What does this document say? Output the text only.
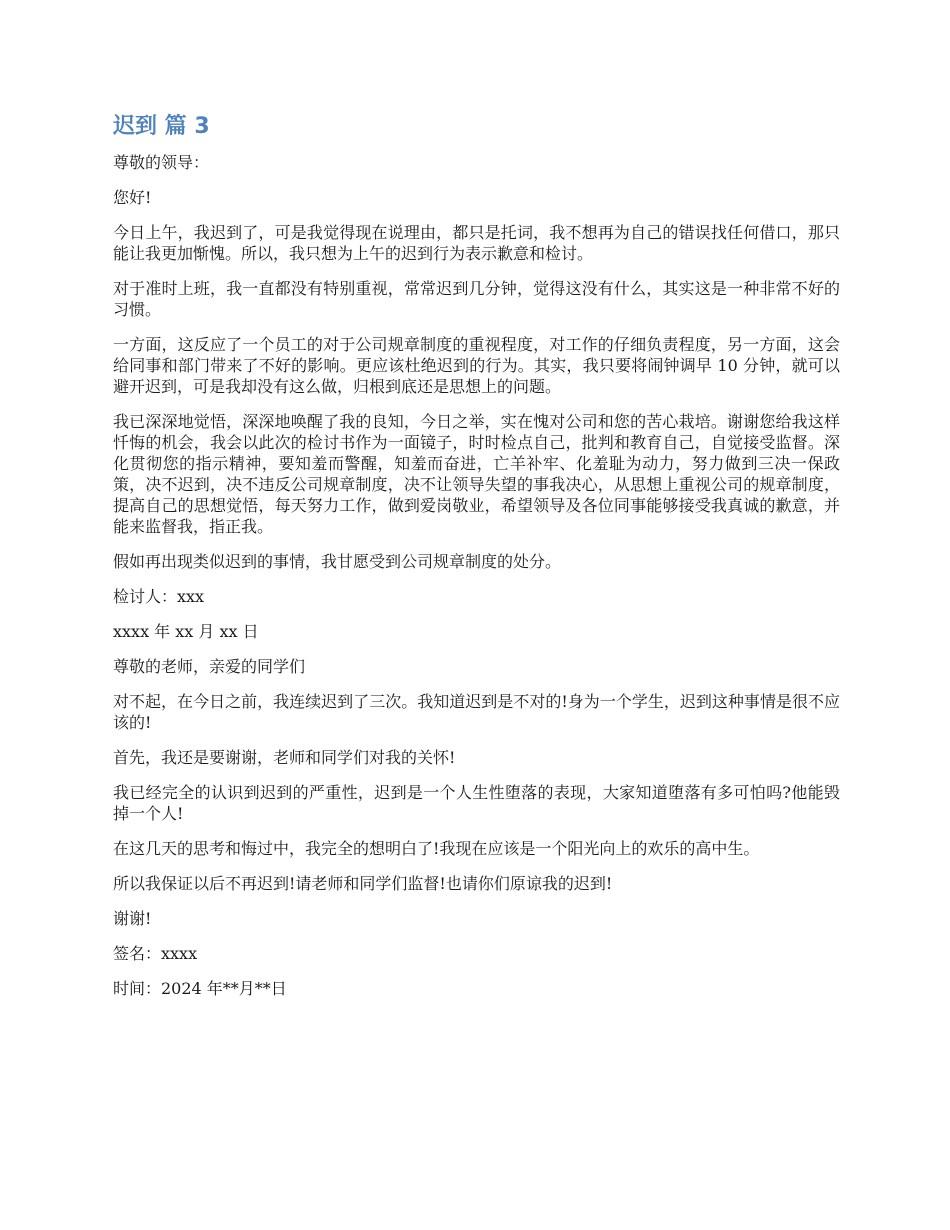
迟到 篇 3

尊敬的领导：

您好!

今日上午，我迟到了，可是我觉得现在说理由，都只是托词，我不想再为自己的错误找任何借口，那只能让我更加惭愧。所以，我只想为上午的迟到行为表示歉意和检讨。

对于准时上班，我一直都没有特别重视，常常迟到几分钟，觉得这没有什么，其实这是一种非常不好的习惯。

一方面，这反应了一个员工的对于公司规章制度的重视程度，对工作的仔细负责程度，另一方面，这会给同事和部门带来了不好的影响。更应该杜绝迟到的行为。其实，我只要将闹钟调早 10 分钟，就可以避开迟到，可是我却没有这么做，归根到底还是思想上的问题。

我已深深地觉悟，深深地唤醒了我的良知，今日之举，实在愧对公司和您的苦心栽培。谢谢您给我这样忏悔的机会，我会以此次的检讨书作为一面镜子，时时检点自己，批判和教育自己，自觉接受监督。深化贯彻您的指示精神，要知羞而警醒，知羞而奋进，亡羊补牢、化羞耻为动力，努力做到三决一保政策，决不迟到，决不违反公司规章制度，决不让领导失望的事我决心，从思想上重视公司的规章制度，提高自己的思想觉悟，每天努力工作，做到爱岗敬业，希望领导及各位同事能够接受我真诚的歉意，并能来监督我，指正我。

假如再出现类似迟到的事情，我甘愿受到公司规章制度的处分。

检讨人：xxx

xxxx 年 xx 月 xx 日

尊敬的老师，亲爱的同学们

对不起，在今日之前，我连续迟到了三次。我知道迟到是不对的!身为一个学生，迟到这种事情是很不应该的!

首先，我还是要谢谢，老师和同学们对我的关怀!

我已经完全的认识到迟到的严重性，迟到是一个人生性堕落的表现，大家知道堕落有多可怕吗?他能毁掉一个人!

在这几天的思考和悔过中，我完全的想明白了!我现在应该是一个阳光向上的欢乐的高中生。

所以我保证以后不再迟到!请老师和同学们监督!也请你们原谅我的迟到!

谢谢!

签名：xxxx

时间：2024 年**月**日
